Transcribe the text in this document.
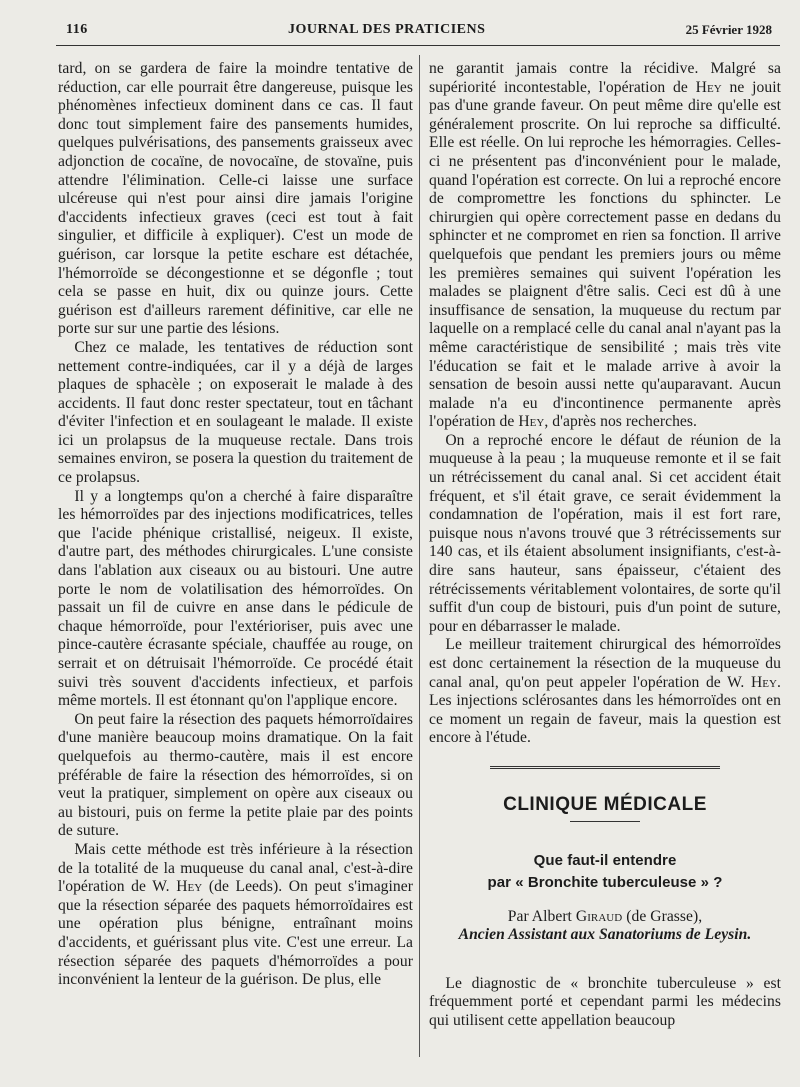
116	JOURNAL DES PRATICIENS	25 Février 1928

tard, on se gardera de faire la moindre tentative de réduction, car elle pourrait être dangereuse, puisque les phénomènes infectieux dominent dans ce cas. Il faut donc tout simplement faire des pansements humides, quelques pulvérisations, des pansements graisseux avec adjonction de cocaïne, de novocaïne, de stovaïne, puis attendre l'élimination. Celle-ci laisse une surface ulcéreuse qui n'est pour ainsi dire jamais l'origine d'accidents infectieux graves (ceci est tout à fait singulier, et difficile à expliquer). C'est un mode de guérison, car lorsque la petite eschare est détachée, l'hémorroïde se décongestionne et se dégonfle ; tout cela se passe en huit, dix ou quinze jours. Cette guérison est d'ailleurs rarement définitive, car elle ne porte sur sur une partie des lésions.

Chez ce malade, les tentatives de réduction sont nettement contre-indiquées, car il y a déjà de larges plaques de sphacèle ; on exposerait le malade à des accidents. Il faut donc rester spectateur, tout en tâchant d'éviter l'infection et en soulageant le malade. Il existe ici un prolapsus de la muqueuse rectale. Dans trois semaines environ, se posera la question du traitement de ce prolapsus.

Il y a longtemps qu'on a cherché à faire disparaître les hémorroïdes par des injections modificatrices, telles que l'acide phénique cristallisé, neigeux. Il existe, d'autre part, des méthodes chirurgicales. L'une consiste dans l'ablation aux ciseaux ou au bistouri. Une autre porte le nom de volatilisation des hémorroïdes. On passait un fil de cuivre en anse dans le pédicule de chaque hémorroïde, pour l'extérioriser, puis avec une pince-cautère écrasante spéciale, chauffée au rouge, on serrait et on détruisait l'hémorroïde. Ce procédé était suivi très souvent d'accidents infectieux, et parfois même mortels. Il est étonnant qu'on l'applique encore.

On peut faire la résection des paquets hémorroïdaires d'une manière beaucoup moins dramatique. On la fait quelquefois au thermo-cautère, mais il est encore préférable de faire la résection des hémorroïdes, si on veut la pratiquer, simplement on opère aux ciseaux ou au bistouri, puis on ferme la petite plaie par des points de suture.

Mais cette méthode est très inférieure à la résection de la totalité de la muqueuse du canal anal, c'est-à-dire l'opération de W. Hey (de Leeds). On peut s'imaginer que la résection séparée des paquets hémorroïdaires est une opération plus bénigne, entraînant moins d'accidents, et guérissant plus vite. C'est une erreur. La résection séparée des paquets d'hémorroïdes a pour inconvénient la lenteur de la guérison. De plus, elle

ne garantit jamais contre la récidive. Malgré sa supériorité incontestable, l'opération de Hey ne jouit pas d'une grande faveur. On peut même dire qu'elle est généralement proscrite. On lui reproche sa difficulté. Elle est réelle. On lui reproche les hémorragies. Celles-ci ne présentent pas d'inconvénient pour le malade, quand l'opération est correcte. On lui a reproché encore de compromettre les fonctions du sphincter. Le chirurgien qui opère correctement passe en dedans du sphincter et ne compromet en rien sa fonction. Il arrive quelquefois que pendant les premiers jours ou même les premières semaines qui suivent l'opération les malades se plaignent d'être salis. Ceci est dû à une insuffisance de sensation, la muqueuse du rectum par laquelle on a remplacé celle du canal anal n'ayant pas la même caractéristique de sensibilité ; mais très vite l'éducation se fait et le malade arrive à avoir la sensation de besoin aussi nette qu'auparavant. Aucun malade n'a eu d'incontinence permanente après l'opération de Hey, d'après nos recherches.

On a reproché encore le défaut de réunion de la muqueuse à la peau ; la muqueuse remonte et il se fait un rétrécissement du canal anal. Si cet accident était fréquent, et s'il était grave, ce serait évidemment la condamnation de l'opération, mais il est fort rare, puisque nous n'avons trouvé que 3 rétrécissements sur 140 cas, et ils étaient absolument insignifiants, c'est-à-dire sans hauteur, sans épaisseur, c'étaient des rétrécissements véritablement volontaires, de sorte qu'il suffit d'un coup de bistouri, puis d'un point de suture, pour en débarrasser le malade.

Le meilleur traitement chirurgical des hémorroïdes est donc certainement la résection de la muqueuse du canal anal, qu'on peut appeler l'opération de W. Hey. Les injections sclérosantes dans les hémorroïdes ont en ce moment un regain de faveur, mais la question est encore à l'étude.

CLINIQUE MÉDICALE
Que faut-il entendre
par « Bronchite tuberculeuse » ?
Par Albert Giraud (de Grasse),
Ancien Assistant aux Sanatoriums de Leysin.

Le diagnostic de « bronchite tuberculeuse » est fréquemment porté et cependant parmi les médecins qui utilisent cette appellation beaucoup
